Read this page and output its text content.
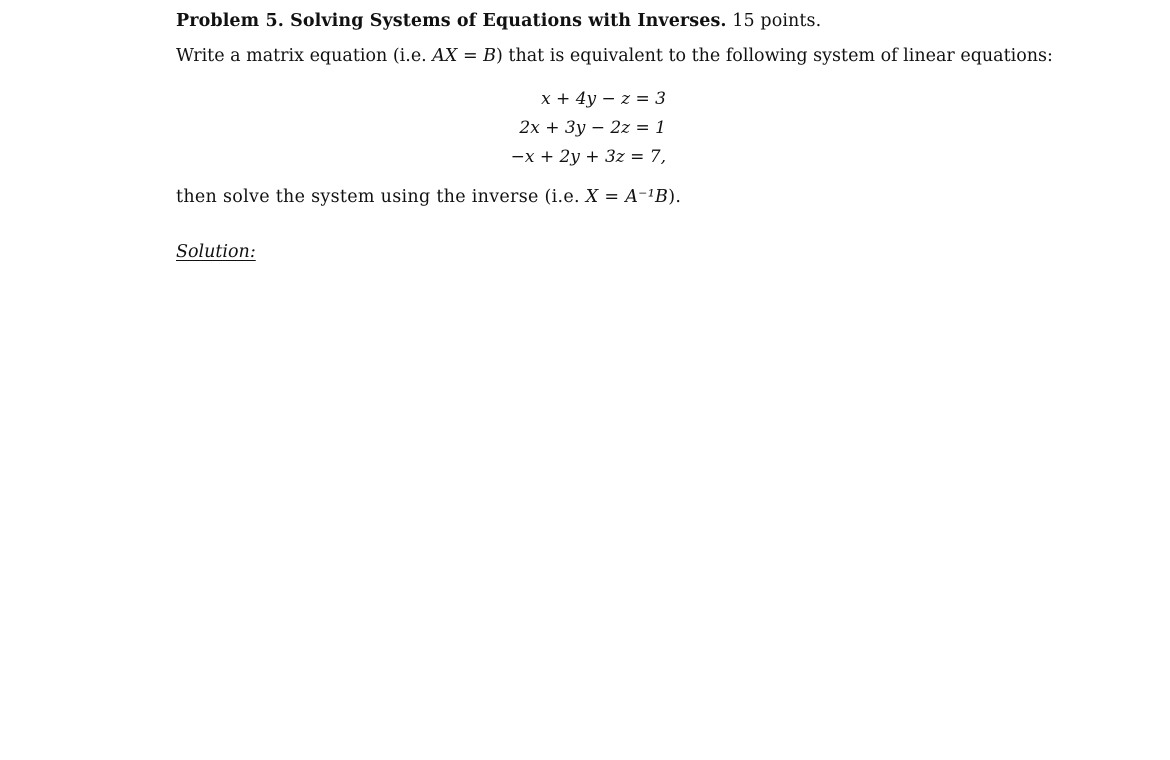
Problem 5. Solving Systems of Equations with Inverses. 15 points.
Write a matrix equation (i.e. AX = B) that is equivalent to the following system of linear equations:
x + 4y − z = 3
2x + 3y − 2z = 1
−x + 2y + 3z = 7,
then solve the system using the inverse (i.e. X = A⁻¹B).
Solution:
